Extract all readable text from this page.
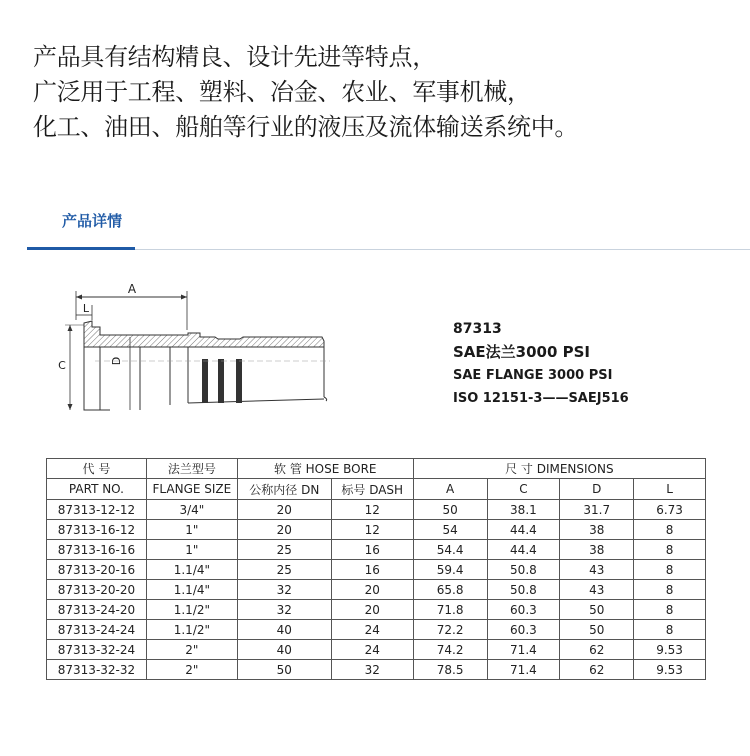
产品具有结构精良、设计先进等特点，
广泛用于工程、塑料、冶金、农业、军事机械，
化工、油田、船舶等行业的液压及流体输送系统中。
产品详情
A
L
C	D
87313
SAE法兰3000 PSI
SAE FLANGE 3000 PSI
ISO 12151-3——SAEJ516
代 号	法兰型号	软 管 HOSE BORE		尺 寸 DIMENSIONS			
PART NO.	FLANGE SIZE	公称内径 DN	标号 DASH	A	C	D	L
87313-12-12	3/4"	20	12	50	38.1	31.7	6.73
87313-16-12	1"	20	12	54	44.4	38	8
87313-16-16	1"	25	16	54.4	44.4	38	8
87313-20-16	1.1/4"	25	16	59.4	50.8	43	8
87313-20-20	1.1/4"	32	20	65.8	50.8	43	8
87313-24-20	1.1/2"	32	20	71.8	60.3	50	8
87313-24-24	1.1/2"	40	24	72.2	60.3	50	8
87313-32-24	2"	40	24	74.2	71.4	62	9.53
87313-32-32	2"	50	32	78.5	71.4	62	9.53
